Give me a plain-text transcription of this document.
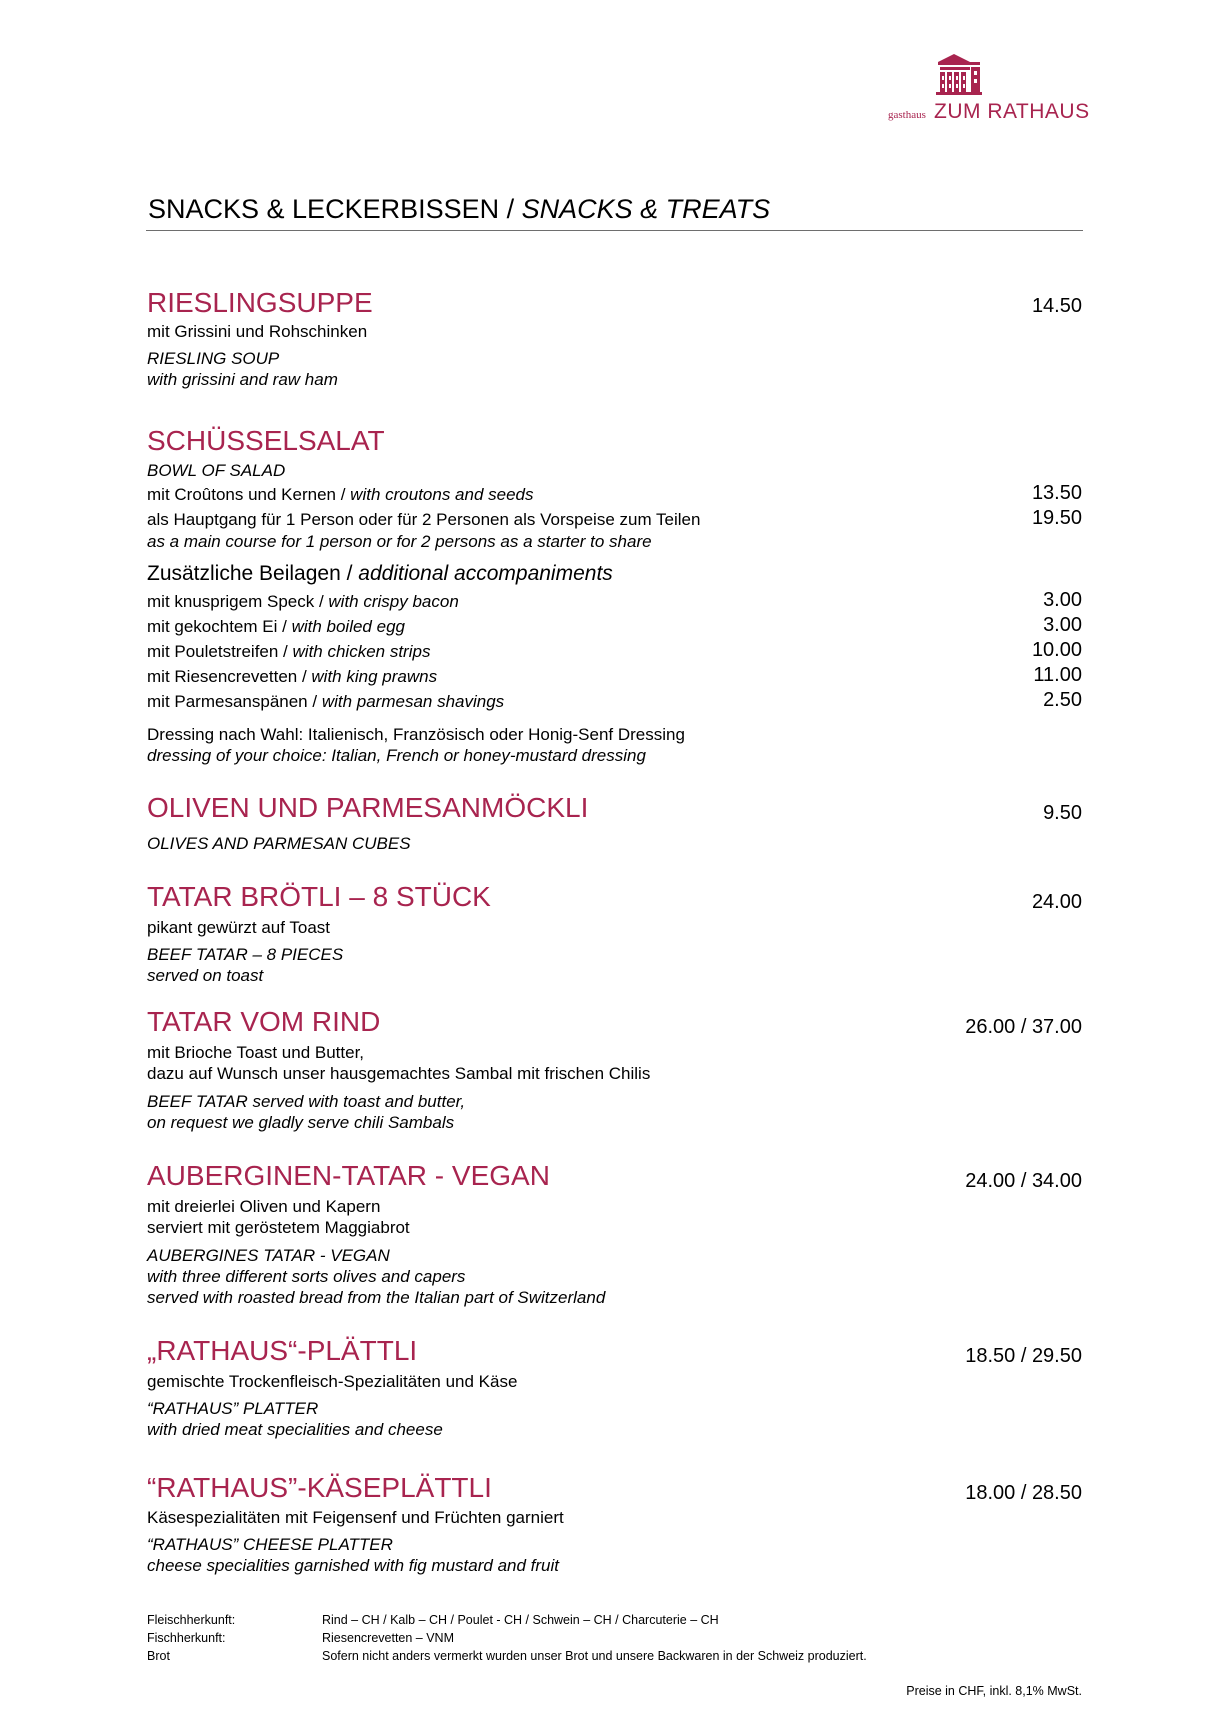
gasthaus ZUM RATHAUS
SNACKS & LECKERBISSEN / SNACKS & TREATS
RIESLINGSUPPE	14.50
mit Grissini und Rohschinken
RIESLING SOUP
with grissini and raw ham
SCHÜSSELSALAT
BOWL OF SALAD
mit Croûtons und Kernen / with croutons and seeds	13.50
als Hauptgang für 1 Person oder für 2 Personen als Vorspeise zum Teilen	19.50
as a main course for 1 person or for 2 persons as a starter to share
Zusätzliche Beilagen / additional accompaniments
mit knusprigem Speck / with crispy bacon	3.00
mit gekochtem Ei / with boiled egg	3.00
mit Pouletstreifen / with chicken strips	10.00
mit Riesencrevetten / with king prawns	11.00
mit Parmesanspänen / with parmesan shavings	2.50
Dressing nach Wahl: Italienisch, Französisch oder Honig-Senf Dressing
dressing of your choice: Italian, French or honey-mustard dressing
OLIVEN UND PARMESANMÖCKLI	9.50
OLIVES AND PARMESAN CUBES
TATAR BRÖTLI – 8 STÜCK	24.00
pikant gewürzt auf Toast
BEEF TATAR – 8 PIECES
served on toast
TATAR VOM RIND	26.00 / 37.00
mit Brioche Toast und Butter,
dazu auf Wunsch unser hausgemachtes Sambal mit frischen Chilis
BEEF TATAR served with toast and butter,
on request we gladly serve chili Sambals
AUBERGINEN-TATAR - VEGAN	24.00 / 34.00
mit dreierlei Oliven und Kapern
serviert mit geröstetem Maggiabrot
AUBERGINES TATAR - VEGAN
with three different sorts olives and capers
served with roasted bread from the Italian part of Switzerland
„RATHAUS“-PLÄTTLI	18.50 / 29.50
gemischte Trockenfleisch-Spezialitäten und Käse
“RATHAUS” PLATTER
with dried meat specialities and cheese
“RATHAUS”-KÄSEPLÄTTLI	18.00 / 28.50
Käsespezialitäten mit Feigensenf und Früchten garniert
“RATHAUS” CHEESE PLATTER
cheese specialities garnished with fig mustard and fruit
Fleischherkunft:	Rind – CH / Kalb – CH / Poulet - CH / Schwein – CH / Charcuterie – CH
Fischherkunft:	Riesencrevetten – VNM
Brot	Sofern nicht anders vermerkt wurden unser Brot und unsere Backwaren in der Schweiz produziert.
Preise in CHF, inkl. 8,1% MwSt.
